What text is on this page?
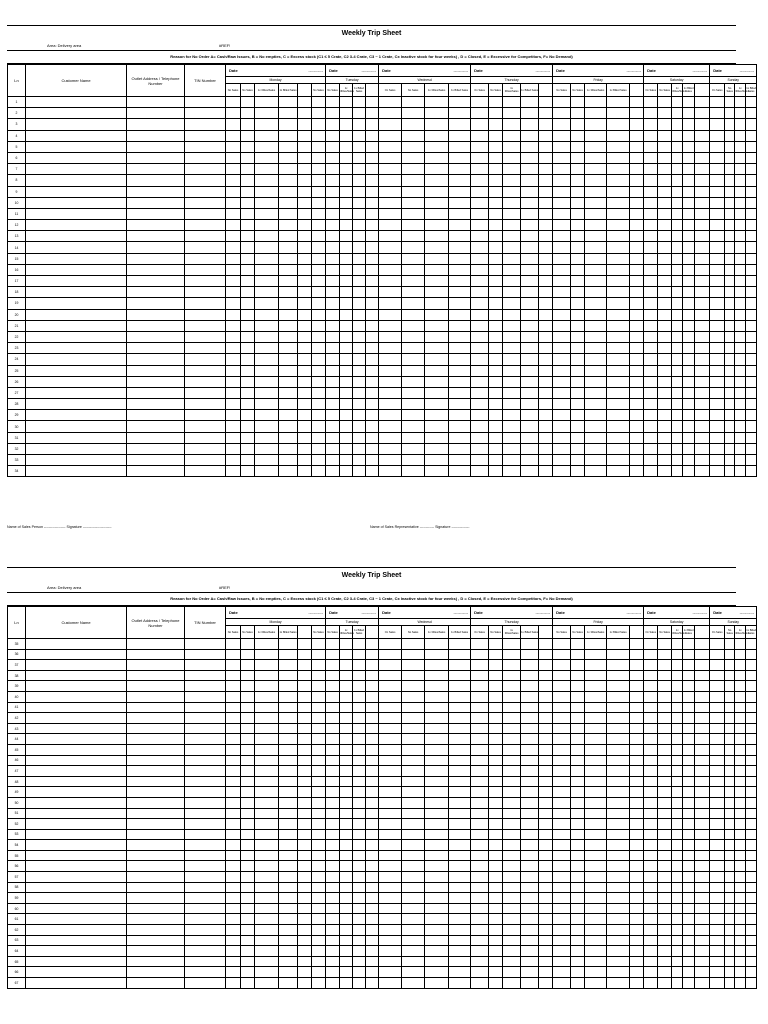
Weekly Trip Sheet
Area: Delivery area	#REF!
Reason for No Order A= Cash/Raw Issues, B = No empties, C = Excess stock (C1 ≤ 5 Crate, C2 3-4 Crate, C3 ~ 1 Crate, Cx Inactive stock for four weeks) , D = Closed, E = Excessive for Competitors, F= No Demand)
Ln	Customer Name	Outlet Address / Telephone Number	TIN Number	Date -----------						Date -----------				Date -----------				Date -----------					Date -----------					Date -----------					Date -----------			

				Monday						Tuesday				Wednesd				Thursday					Friday					Saturday					Sunday			
				No Sales	No Sales	1x 3Dies/Sales	1x Billed Sales		No Sales	No Sales	1x 3Dies/Sales	1x Billed Sales		On Sales	No Sales	1x 3Dies/Sales	1x Billed Sales	On Sales	No Sales	1x 3Dies/Sales	1x Billed Sales		No Sales	No Sales	1x 3Dies/Sales	1x Billed Sales		On Sales	No Sales	1x 3Dies/Sales	1x Billed Sales		On Sales	No Sales	1x 3Dies/Sales	1x Billed Sales
1																																				
2																																				
3																																				
4																																				
5																																				
6																																				
7																																				
8																																				
9																																				
10																																				
11																																				
12																																				
13																																				
14																																				
15																																				
16																																				
17																																				
18																																				
19																																				
20																																				
21																																				
22																																				
23																																				
24																																				
25																																				
26																																				
27																																				
28																																				
29																																				
30																																				
31																																				
32																																				
33																																				
34																																				
Name of Sales Person ------------------ Signature ------------------------	Name of Sales Representative ------------ Signature ---------------
Weekly Trip Sheet
Area: Delivery area	#REF!
Reason for No Order A= Cash/Raw Issues, B = No empties, C = Excess stock (C1 ≤ 5 Crate, C2 3-4 Crate, C3 ~ 1 Crate, Cx Inactive stock for four weeks) , D = Closed, E = Excessive for Competitors, F= No Demand)
Ln	Customer Name	Outlet Address / Telephone Number	TIN Number	Date -----------						Date -----------				Date -----------				Date -----------					Date -----------					Date -----------					Date -----------			

				Monday						Tuesday				Wednesd				Thursday					Friday					Saturday					Sunday			
				No Sales	No Sales	1x 3Dies/Sales	1x Billed Sales		No Sales	No Sales	1x 3Dies/Sales	1x Billed Sales		On Sales	No Sales	1x 3Dies/Sales	1x Billed Sales	On Sales	No Sales	1x 3Dies/Sales	1x Billed Sales		No Sales	No Sales	1x 3Dies/Sales	1x Billed Sales		On Sales	No Sales	1x 3Dies/Sales	1x Billed Sales		On Sales	No Sales	1x 3Dies/Sales	1x Billed Sales
35																																				
36																																				
37																																				
38																																				
39																																				
40																																				
41																																				
42																																				
43																																				
44																																				
45																																				
46																																				
47																																				
48																																				
49																																				
50																																				
51																																				
52																																				
53																																				
54																																				
55																																				
56																																				
57																																				
58																																				
59																																				
60																																				
61																																				
62																																				
63																																				
64																																				
65																																				
66																																				
67																																				
